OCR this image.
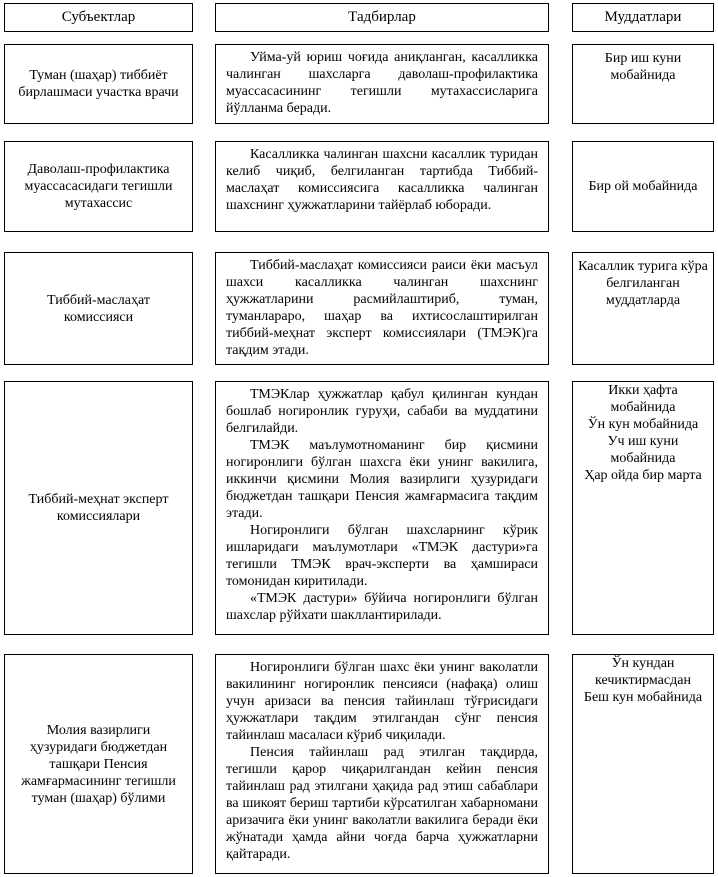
Субъектлар	Тадбирлар	Муддатлари
Туман (шаҳар) тиббиёт бирлашмаси участка врачи

Уйма-уй юриш чоғида аниқланган, касалликка чалинган шахсларга даволаш-профилактика муассасасининг тегишли мутахассисларига йўлланма беради.

Бир иш куни мобайнида
Даволаш-профилактика муассасасидаги тегишли мутахассис

Касалликка чалинган шахсни касаллик туридан келиб чиқиб, белгиланган тартибда Тиббий-маслаҳат комиссиясига касалликка чалинган шахснинг ҳужжатларини тайёрлаб юборади.

Бир ой мобайнида
Тиббий-маслаҳат комиссияси

Тиббий-маслаҳат комиссияси раиси ёки масъул шахси касалликка чалинган шахснинг ҳужжатларини расмийлаштириб, туман, туманлараро, шаҳар ва ихтисослаштирилган тиббий-меҳнат эксперт комиссиялари (ТМЭК)га тақдим этади.

Касаллик турига кўра белгиланган муддатларда
Тиббий-меҳнат эксперт комиссиялари

ТМЭКлар ҳужжатлар қабул қилинган кундан бошлаб ногиронлик гуруҳи, сабаби ва муддатини белгилайди.

ТМЭК маълумотноманинг бир қисмини ногиронлиги бўлган шахсга ёки унинг вакилига, иккинчи қисмини Молия вазирлиги ҳузуридаги бюджетдан ташқари Пенсия жамғармасига тақдим этади.

Ногиронлиги бўлган шахсларнинг кўрик ишларидаги маълумотлари «ТМЭК дастури»га тегишли ТМЭК врач-эксперти ва ҳамшираси томонидан киритилади.

«ТМЭК дастури» бўйича ногиронлиги бўлган шахслар рўйхати шакллантирилади.

Икки ҳафта мобайнида
Ўн кун мобайнида
Уч иш куни мобайнида
Ҳар ойда бир марта
Молия вазирлиги ҳузуридаги бюджетдан ташқари Пенсия жамғармасининг тегишли туман (шаҳар) бўлими

Ногиронлиги бўлган шахс ёки унинг ваколатли вакилининг ногиронлик пенсияси (нафақа) олиш учун аризаси ва пенсия тайинлаш тўғрисидаги ҳужжатлари тақдим этилгандан сўнг пенсия тайинлаш масаласи кўриб чиқилади.

Пенсия тайинлаш рад этилган тақдирда, тегишли қарор чиқарилгандан кейин пенсия тайинлаш рад этилгани ҳақида рад этиш сабаблари ва шикоят бериш тартиби кўрсатилган хабарномани аризачига ёки унинг ваколатли вакилига беради ёки жўнатади ҳамда айни чоғда барча ҳужжатларни қайтаради.

Ўн кундан кечиктирмасдан
Беш кун мобайнида
